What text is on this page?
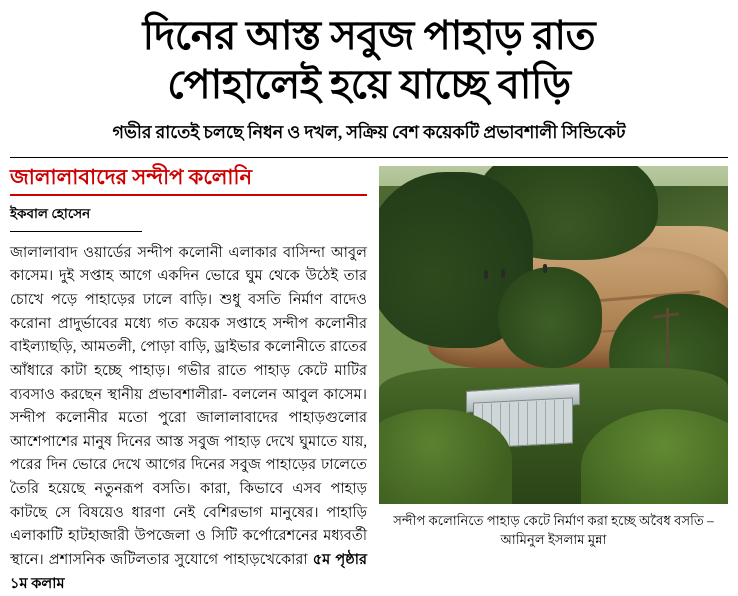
দিনের আস্ত সবুজ পাহাড় রাত
পোহালেই হয়ে যাচ্ছে বাড়ি
গভীর রাতেই চলছে নিধন ও দখল, সক্রিয় বেশ কয়েকটি প্রভাবশালী সিন্ডিকেট
জালালাবাদের সন্দীপ কলোনি
ইকবাল হোসেন

জালালাবাদ ওয়ার্ডের সন্দীপ কলোনী এলাকার বাসিন্দা আবুল কাসেম। দুই সপ্তাহ আগে একদিন ভোরে ঘুম থেকে উঠেই তার চোখে পড়ে পাহাড়ের ঢালে বাড়ি। শুধু বসতি নির্মাণ বাদেও করোনা প্রাদুর্ভাবের মধ্যে গত কয়েক সপ্তাহে সন্দীপ কলোনীর বাইল্যাছড়ি, আমতলী, পোড়া বাড়ি, ড্রাইভার কলোনীতে রাতের আঁধারে কাটা হচ্ছে পাহাড়। গভীর রাতে পাহাড় কেটে মাটির ব্যবসাও করছেন স্থানীয় প্রভাবশালীরা- বললেন আবুল কাসেম। সন্দীপ কলোনীর মতো পুরো জালালাবাদের পাহাড়গুলোর আশেপাশের মানুষ দিনের আস্ত সবুজ পাহাড় দেখে ঘুমাতে যায়, পরের দিন ভোরে দেখে আগের দিনের সবুজ পাহাড়ের ঢালেতে তৈরি হয়েছে নতুনরূপ বসতি। কারা, কিভাবে এসব পাহাড় কাটছে সে বিষয়েও ধারণা নেই বেশিরভাগ মানুষের। পাহাড়ি এলাকাটি হাটহাজারী উপজেলা ও সিটি কর্পোরেশনের মধ্যবর্তী স্থানে। প্রশাসনিক জটিলতার সুযোগে পাহাড়খেকোরা ৫ম পৃষ্ঠার ১ম কলাম

সন্দীপ কলোনিতে পাহাড় কেটে নির্মাণ করা হচ্ছে অবৈধ বসতি –আমিনুল ইসলাম মুন্না
